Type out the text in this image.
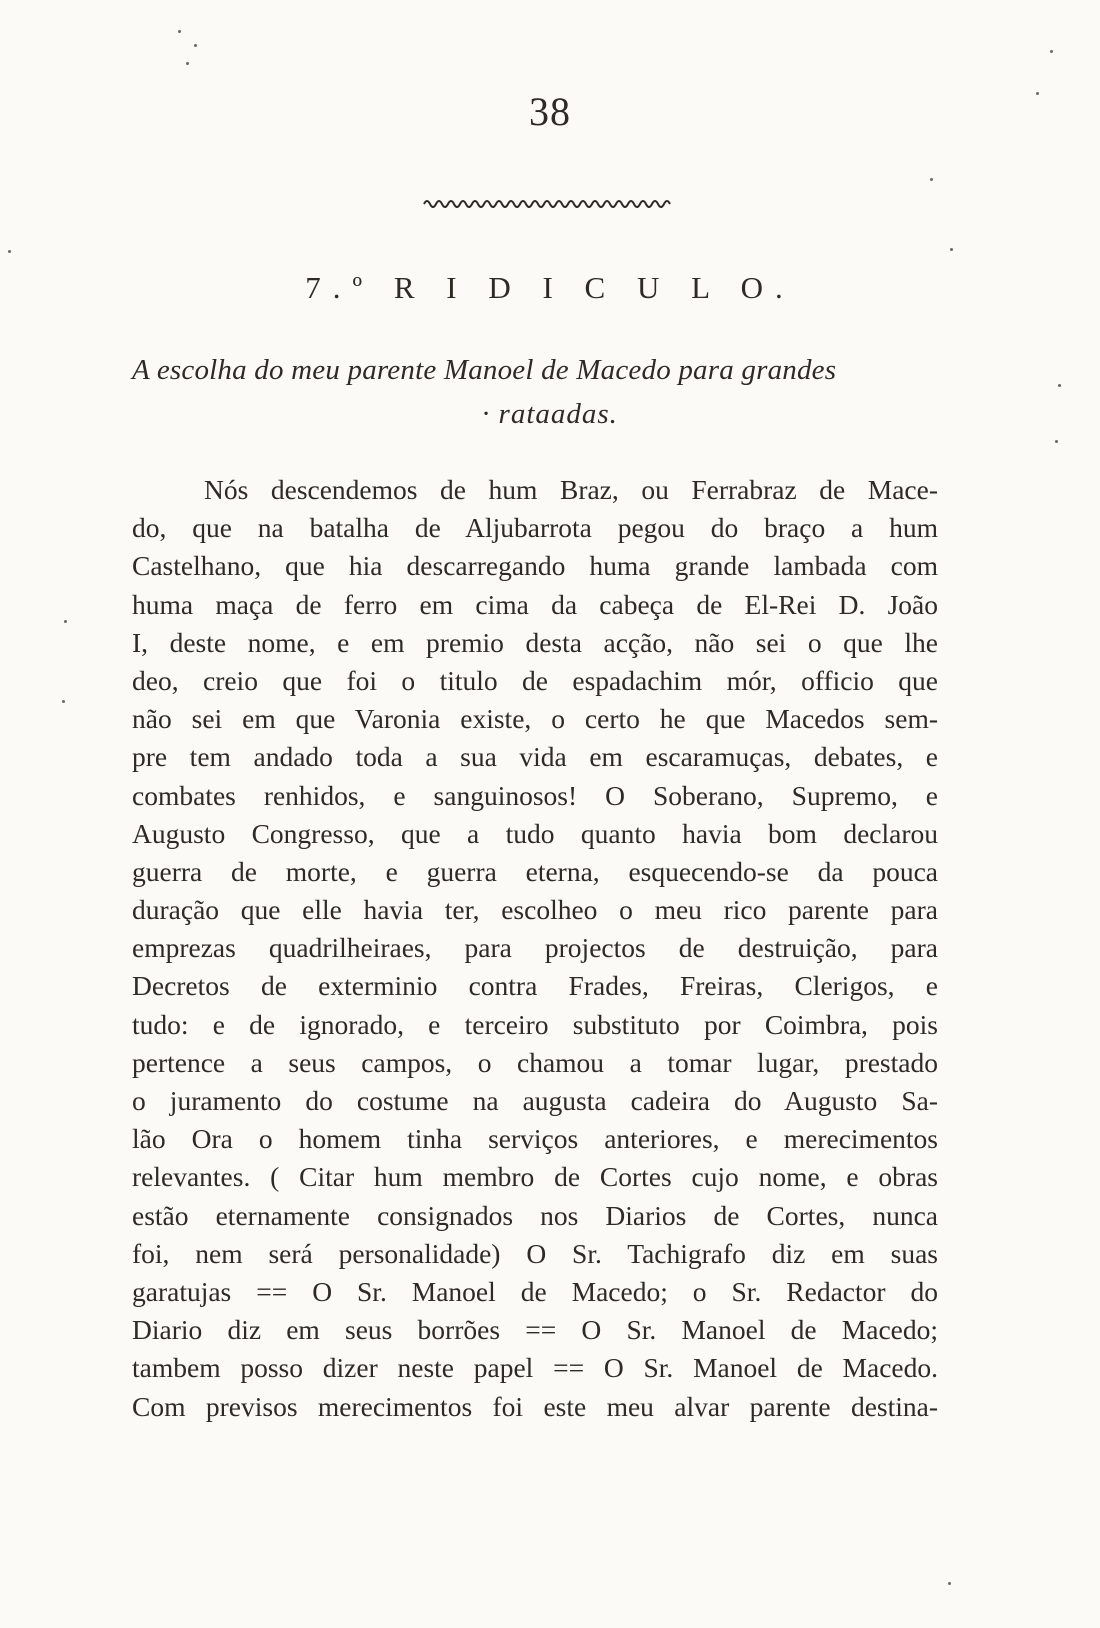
38
7.º R I D I C U L O.
A escolha do meu parente Manoel de Macedo para grandes
· rataadas.
Nós descendemos de hum Braz, ou Ferrabraz de Mace-
do, que na batalha de Aljubarrota pegou do braço a hum
Castelhano, que hia descarregando huma grande lambada com
huma maça de ferro em cima da cabeça de El-Rei D. João
I, deste nome, e em premio desta acção, não sei o que lhe
deo, creio que foi o titulo de espadachim mór, officio que
não sei em que Varonia existe, o certo he que Macedos sem-
pre tem andado toda a sua vida em escaramuças, debates, e
combates renhidos, e sanguinosos! O Soberano, Supremo, e
Augusto Congresso, que a tudo quanto havia bom declarou
guerra de morte, e guerra eterna, esquecendo-se da pouca
duração que elle havia ter, escolheo o meu rico parente para
emprezas quadrilheiraes, para projectos de destruição, para
Decretos de exterminio contra Frades, Freiras, Clerigos, e
tudo: e de ignorado, e terceiro substituto por Coimbra, pois
pertence a seus campos, o chamou a tomar lugar, prestado
o juramento do costume na augusta cadeira do Augusto Sa-
lão Ora o homem tinha serviços anteriores, e merecimentos
relevantes. ( Citar hum membro de Cortes cujo nome, e obras
estão eternamente consignados nos Diarios de Cortes, nunca
foi, nem será personalidade) O Sr. Tachigrafo diz em suas
garatujas == O Sr. Manoel de Macedo; o Sr. Redactor do
Diario diz em seus borrões == O Sr. Manoel de Macedo;
tambem posso dizer neste papel == O Sr. Manoel de Macedo.
Com previsos merecimentos foi este meu alvar parente destina-
